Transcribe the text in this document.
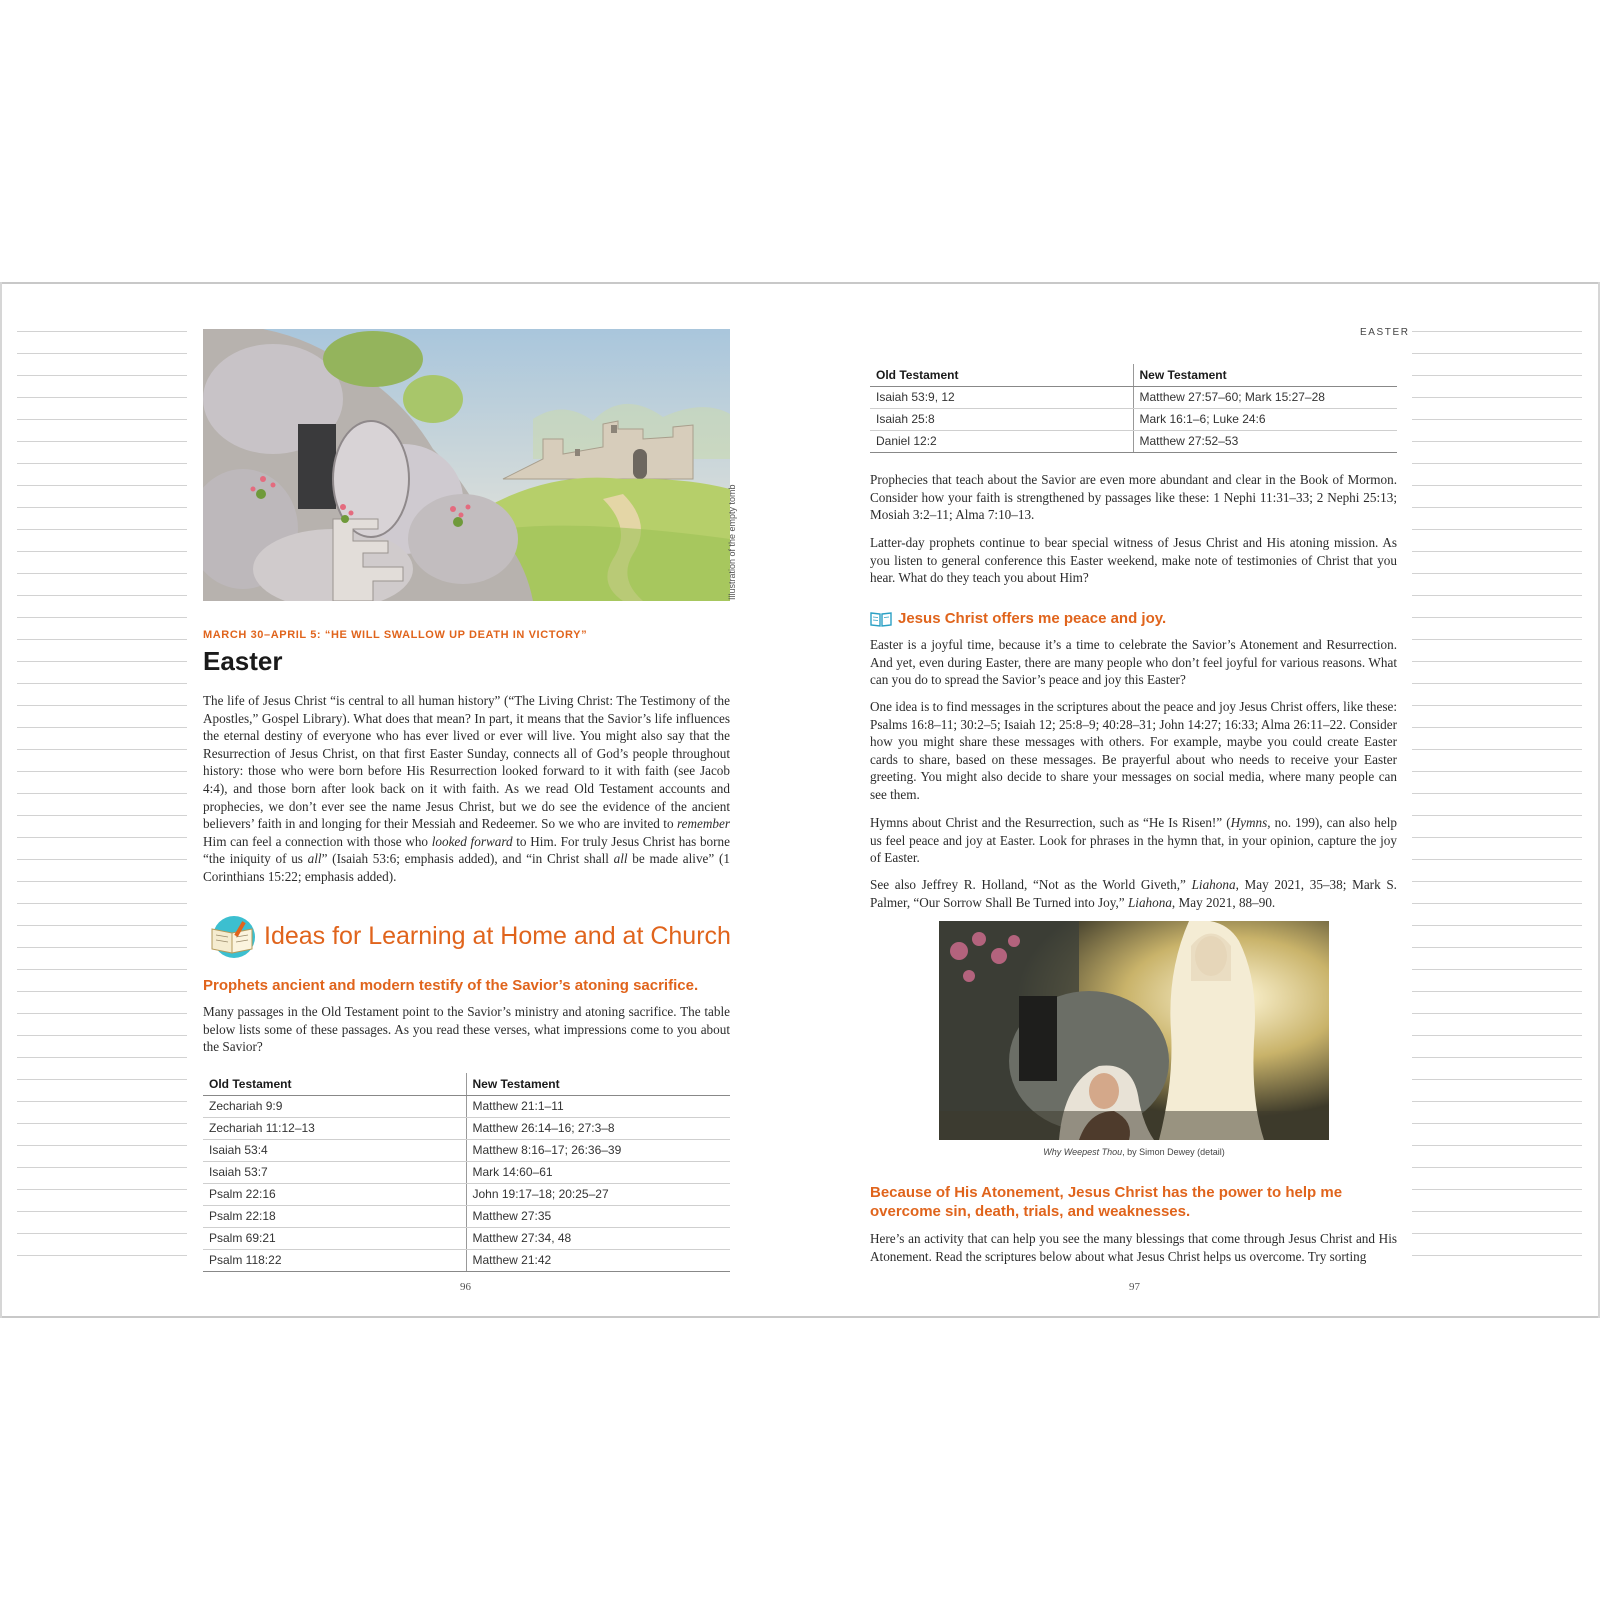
Illustration of the empty tomb
MARCH 30–APRIL 5: “HE WILL SWALLOW UP DEATH IN VICTORY”
Easter

The life of Jesus Christ “is central to all human history” (“The Living Christ: The Testimony of the Apostles,” Gospel Library). What does that mean? In part, it means that the Savior’s life influences the eternal destiny of everyone who has ever lived or ever will live. You might also say that the Resurrection of Jesus Christ, on that first Easter Sunday, connects all of God’s people throughout history: those who were born before His Resurrection looked forward to it with faith (see Jacob 4:4), and those born after look back on it with faith. As we read Old Testament accounts and prophecies, we don’t ever see the name Jesus Christ, but we do see the evidence of the ancient believers’ faith in and longing for their Messiah and Redeemer. So we who are invited to remember Him can feel a connection with those who looked forward to Him. For truly Jesus Christ has borne “the iniquity of us all” (Isaiah 53:6; emphasis added), and “in Christ shall all be made alive” (1 Corinthians 15:22; emphasis added).

Ideas for Learning at Home and at Church
Prophets ancient and modern testify of the Savior’s atoning sacrifice.

Many passages in the Old Testament point to the Savior’s ministry and atoning sacrifice. The table below lists some of these passages. As you read these verses, what impressions come to you about the Savior?

Old Testament	New Testament
Zechariah 9:9	Matthew 21:1–11
Zechariah 11:12–13	Matthew 26:14–16; 27:3–8
Isaiah 53:4	Matthew 8:16–17; 26:36–39
Isaiah 53:7	Mark 14:60–61
Psalm 22:16	John 19:17–18; 20:25–27
Psalm 22:18	Matthew 27:35
Psalm 69:21	Matthew 27:34, 48
Psalm 118:22	Matthew 21:42
96
EASTER
Old Testament	New Testament
Isaiah 53:9, 12	Matthew 27:57–60; Mark 15:27–28
Isaiah 25:8	Mark 16:1–6; Luke 24:6
Daniel 12:2	Matthew 27:52–53

Prophecies that teach about the Savior are even more abundant and clear in the Book of Mormon. Consider how your faith is strengthened by passages like these: 1 Nephi 11:31–33; 2 Nephi 25:13; Mosiah 3:2–11; Alma 7:10–13.

Latter-day prophets continue to bear special witness of Jesus Christ and His atoning mission. As you listen to general conference this Easter weekend, make note of testimonies of Christ that you hear. What do they teach you about Him?

Jesus Christ offers me peace and joy.

Easter is a joyful time, because it’s a time to celebrate the Savior’s Atonement and Resurrection. And yet, even during Easter, there are many people who don’t feel joyful for various reasons. What can you do to spread the Savior’s peace and joy this Easter?

One idea is to find messages in the scriptures about the peace and joy Jesus Christ offers, like these: Psalms 16:8–11; 30:2–5; Isaiah 12; 25:8–9; 40:28–31; John 14:27; 16:33; Alma 26:11–22. Consider how you might share these messages with others. For example, maybe you could create Easter cards to share, based on these messages. Be prayerful about who needs to receive your Easter greeting. You might also decide to share your messages on social media, where many people can see them.

Hymns about Christ and the Resurrection, such as “He Is Risen!” (Hymns, no. 199), can also help us feel peace and joy at Easter. Look for phrases in the hymn that, in your opinion, capture the joy of Easter.

See also Jeffrey R. Holland, “Not as the World Giveth,” Liahona, May 2021, 35–38; Mark S. Palmer, “Our Sorrow Shall Be Turned into Joy,” Liahona, May 2021, 88–90.

Why Weepest Thou, by Simon Dewey (detail)
Because of His Atonement, Jesus Christ has the power to help me overcome sin, death, trials, and weaknesses.

Here’s an activity that can help you see the many blessings that come through Jesus Christ and His Atonement. Read the scriptures below about what Jesus Christ helps us overcome. Try sorting

97
